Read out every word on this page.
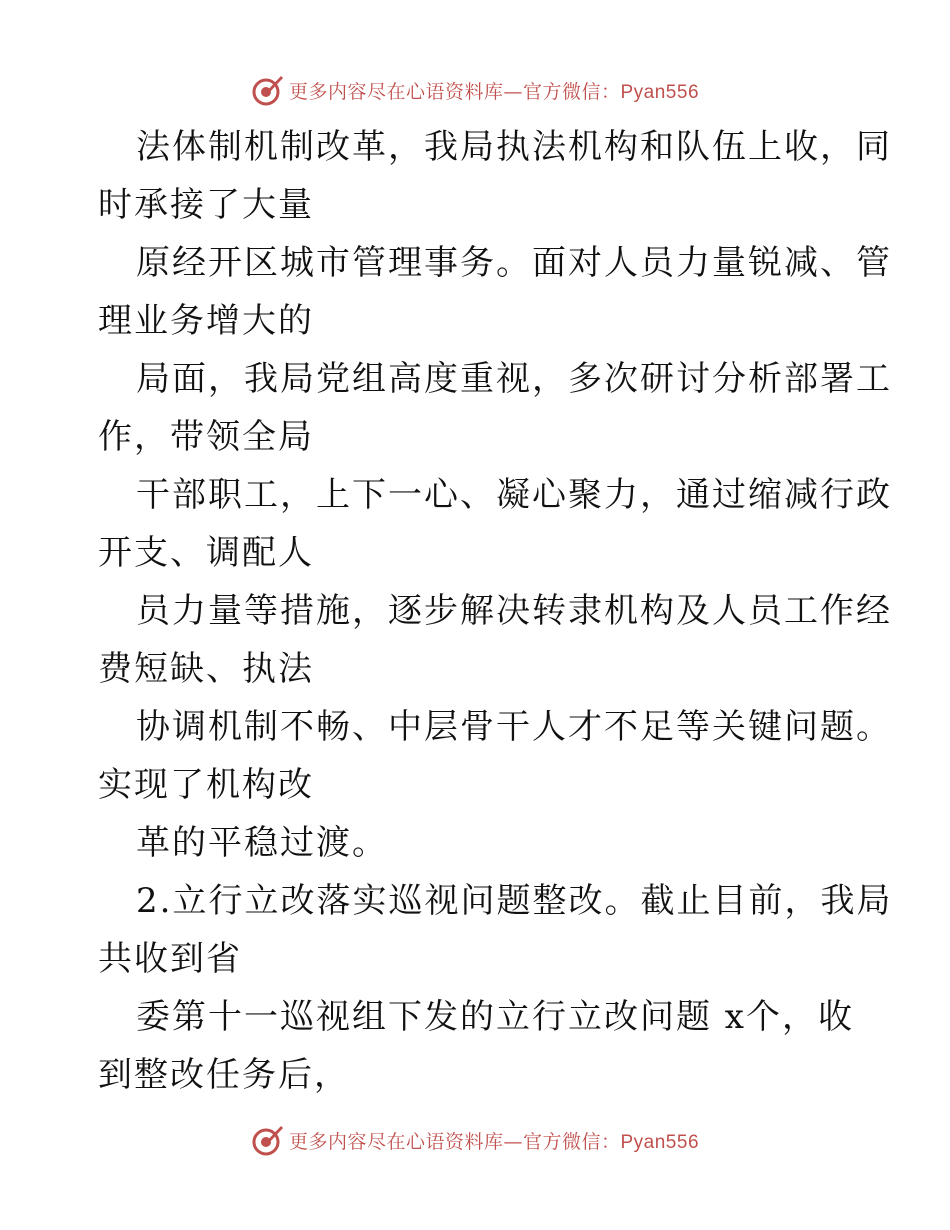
更多内容尽在心语资料库—官方微信：Pyan556
法体制机制改革，我局执法机构和队伍上收，同
时承接了大量
原经开区城市管理事务。面对人员力量锐减、管
理业务增大的
局面，我局党组高度重视，多次研讨分析部署工
作，带领全局
干部职工，上下一心、凝心聚力，通过缩减行政
开支、调配人
员力量等措施，逐步解决转隶机构及人员工作经
费短缺、执法
协调机制不畅、中层骨干人才不足等关键问题。
实现了机构改
革的平稳过渡。
2.立行立改落实巡视问题整改。截止目前，我局
共收到省
委第十一巡视组下发的立行立改问题 x个，收
到整改任务后，
更多内容尽在心语资料库—官方微信：Pyan556
